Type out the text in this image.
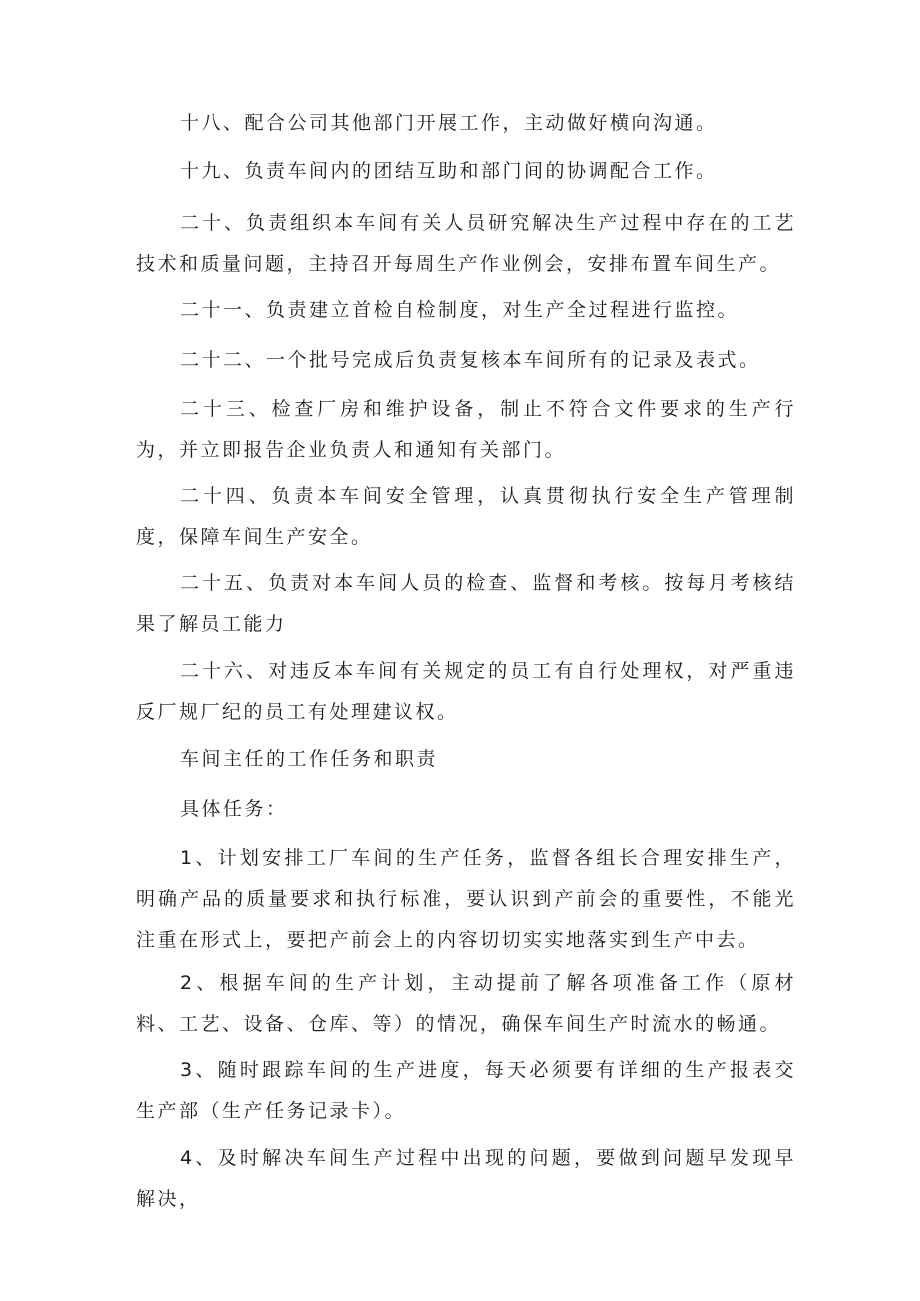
十八、配合公司其他部门开展工作，主动做好横向沟通。

十九、负责车间内的团结互助和部门间的协调配合工作。

二十、负责组织本车间有关人员研究解决生产过程中存在的工艺技术和质量问题，主持召开每周生产作业例会，安排布置车间生产。

二十一、负责建立首检自检制度，对生产全过程进行监控。

二十二、一个批号完成后负责复核本车间所有的记录及表式。

二十三、检查厂房和维护设备，制止不符合文件要求的生产行为，并立即报告企业负责人和通知有关部门。

二十四、负责本车间安全管理，认真贯彻执行安全生产管理制度，保障车间生产安全。

二十五、负责对本车间人员的检查、监督和考核。按每月考核结果了解员工能力

二十六、对违反本车间有关规定的员工有自行处理权，对严重违反厂规厂纪的员工有处理建议权。

车间主任的工作任务和职责

具体任务：

1、计划安排工厂车间的生产任务，监督各组长合理安排生产，明确产品的质量要求和执行标准，要认识到产前会的重要性，不能光注重在形式上，要把产前会上的内容切切实实地落实到生产中去。

2、根据车间的生产计划，主动提前了解各项准备工作（原材料、工艺、设备、仓库、等）的情况，确保车间生产时流水的畅通。

3、随时跟踪车间的生产进度，每天必须要有详细的生产报表交生产部（生产任务记录卡）。

4、及时解决车间生产过程中出现的问题，要做到问题早发现早解决，
